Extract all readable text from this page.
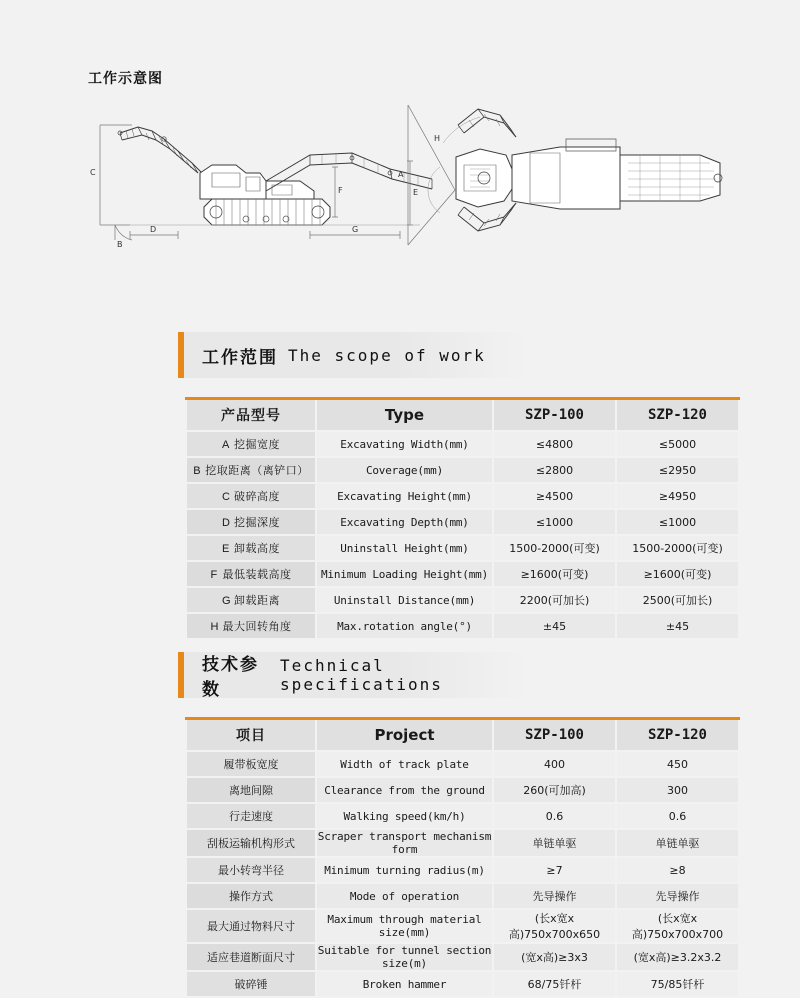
工作示意图
C
B
D
F	E
G
A
H
工作范围 The scope of work
产品型号	Type	SZP-100	SZP-120
A 挖掘宽度	Excavating Width(mm)	≤4800	≤5000
B 挖取距离（离铲口）	Coverage(mm)	≤2800	≤2950
C 破碎高度	Excavating Height(mm)	≥4500	≥4950
D 挖掘深度	Excavating Depth(mm)	≤1000	≤1000
E 卸载高度	Uninstall Height(mm)	1500-2000(可变)	1500-2000(可变)
F 最低装载高度	Minimum Loading Height(mm)	≥1600(可变)	≥1600(可变)
G 卸载距离	Uninstall Distance(mm)	2200(可加长)	2500(可加长)
H 最大回转角度	Max.rotation angle(°)	±45	±45
技术参数
Technical specifications
项目	Project	SZP-100	SZP-120
履带板宽度	Width of track plate	400	450
离地间隙	Clearance from the ground	260(可加高)	300
行走速度	Walking speed(km/h)	0.6	0.6
刮板运输机构形式	Scraper transport mechanism form	单链单驱	单链单驱
最小转弯半径	Minimum turning radius(m)	≥7	≥8
操作方式	Mode of operation	先导操作	先导操作
最大通过物料尺寸	Maximum through material size(mm)	(长x宽x高)750x700x650	(长x宽x高)750x700x700
适应巷道断面尺寸	Suitable for tunnel section size(m)	(宽x高)≥3x3	(宽x高)≥3.2x3.2
破碎锤	Broken hammer	68/75钎杆	75/85钎杆
